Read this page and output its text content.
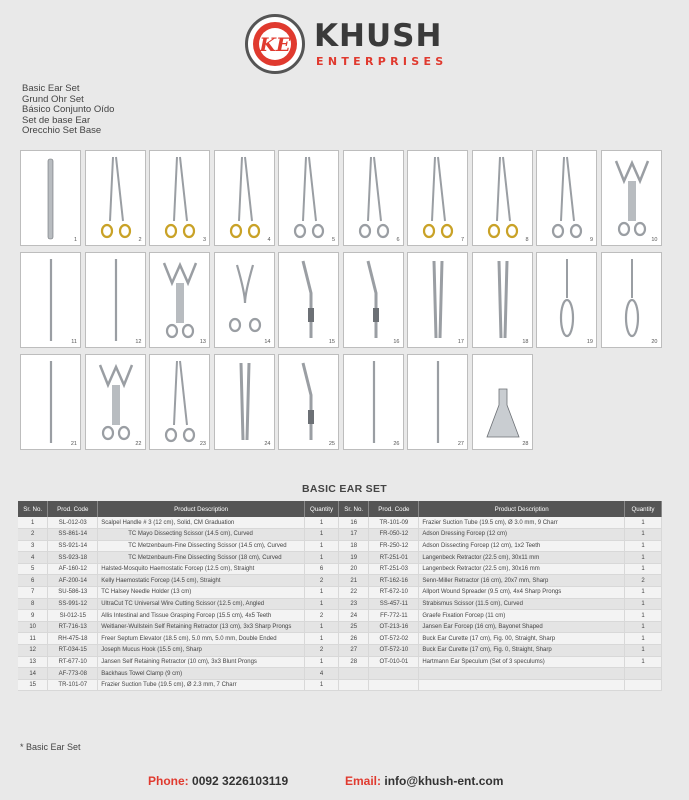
KE KHUSH
ENTERPRISES
Basic Ear Set
Grund Ohr Set
Básico Conjunto Oído
Set de base Ear
Orecchio Set Base
1	2	3	4	5	6	7	8	9	10
11	12	13	14	15	16	17	18	19	20
21	22	23	24	25	26	27	28
BASIC EAR SET
Sr. No.	Prod. Code	Product Description	Quantity
1	SL-012-03	Scalpel Handle # 3 (12 cm), Solid, CM Graduation	1
2	SS-861-14	TC Mayo Dissecting Scissor (14.5 cm), Curved	1
3	SS-921-14	TC Metzenbaum-Fine Dissecting Scissor (14.5 cm), Curved	1
4	SS-923-18	TC Metzenbaum-Fine Dissecting Scissor (18 cm), Curved	1
5	AF-160-12	Halsted-Mosquito Haemostatic Forcep (12.5 cm), Straight	6
6	AF-200-14	Kelly Haemostatic Forcep (14.5 cm), Straight	2
7	SU-586-13	TC Halsey Needle Holder (13 cm)	1
8	SS-991-12	UltraCut TC Universal Wire Cutting Scissor (12.5 cm), Angled	1
9	SI-012-15	Allis Intestinal and Tissue Grasping Forcep (15.5 cm), 4x5 Teeth	2
10	RT-716-13	Weitlaner-Wullstein Self Retaining Retractor (13 cm), 3x3 Sharp Prongs	1
11	RH-475-18	Freer Septum Elevator (18.5 cm), 5.0 mm, 5.0 mm, Double Ended	1
12	RT-034-15	Joseph Mucus Hook (15.5 cm), Sharp	2
13	RT-677-10	Jansen Self Retaining Retractor (10 cm), 3x3 Blunt Prongs	1
14	AF-773-08	Backhaus Towel Clamp (9 cm)	4
15	TR-101-07	Frazier Suction Tube (19.5 cm), Ø 2.3 mm, 7 Charr	1
Sr. No.	Prod. Code	Product Description	Quantity
16	TR-101-09	Frazier Suction Tube (19.5 cm), Ø 3.0 mm, 9 Charr	1
17	FR-050-12	Adson Dressing Forcep (12 cm)	1
18	FR-250-12	Adson Dissecting Forcep (12 cm), 1x2 Teeth	1
19	RT-251-01	Langenbeck Retractor (22.5 cm), 30x11 mm	1
20	RT-251-03	Langenbeck Retractor (22.5 cm), 30x16 mm	1
21	RT-162-16	Senn-Miller Retractor (16 cm), 20x7 mm, Sharp	2
22	RT-672-10	Allport Wound Spreader (9.5 cm), 4x4 Sharp Prongs	1
23	SS-457-11	Strabismus Scissor (11.5 cm), Curved	1
24	FF-772-11	Graefe Fixation Forcep (11 cm)	1
25	OT-213-16	Jansen Ear Forcep (16 cm), Bayonet Shaped	1
26	OT-572-02	Buck Ear Curette (17 cm), Fig. 00, Straight, Sharp	1
27	OT-572-10	Buck Ear Curette (17 cm), Fig. 0, Straight, Sharp	1
28	OT-010-01	Hartmann Ear Speculum (Set of 3 speculums)	1

* Basic Ear Set
Phone: 0092 3226103119	Email: info@khush-ent.com
